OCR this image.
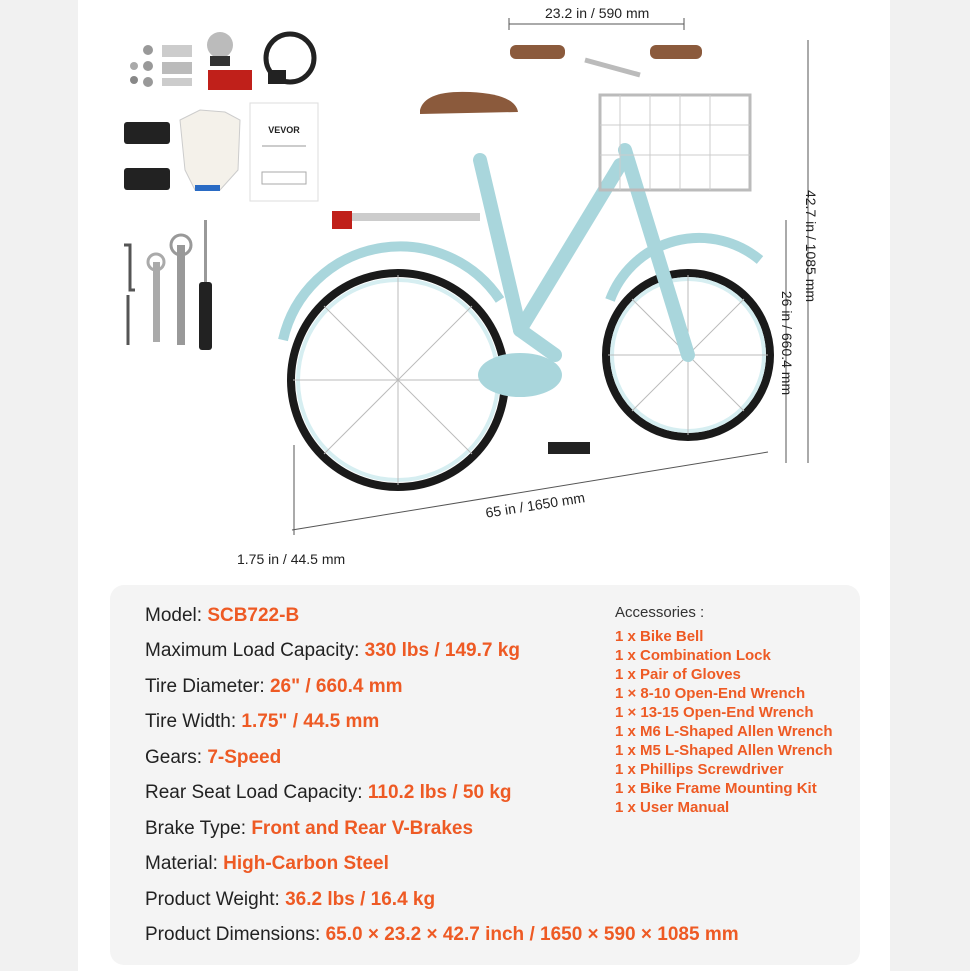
VEVOR
23.2 in / 590 mm
42.7 in / 1085 mm
26 in / 660.4 mm
65 in / 1650 mm
1.75 in / 44.5 mm
Model: SCB722-B
Maximum Load Capacity: 330 lbs / 149.7 kg
Tire Diameter: 26" / 660.4 mm
Tire Width: 1.75" / 44.5 mm
Gears: 7-Speed
Rear Seat Load Capacity: 110.2 lbs / 50 kg
Brake Type: Front and Rear V-Brakes
Material: High-Carbon Steel
Product Weight: 36.2 lbs / 16.4 kg
Product Dimensions: 65.0 × 23.2 × 42.7 inch / 1650 × 590 × 1085 mm
Accessories :
1 x Bike Bell
1 x Combination Lock
1 x Pair of Gloves
1 × 8-10 Open-End Wrench
1 × 13-15 Open-End Wrench
1 x M6 L-Shaped Allen Wrench
1 x M5 L-Shaped Allen Wrench
1 x Phillips Screwdriver
1 x Bike Frame Mounting Kit
1 x User Manual
